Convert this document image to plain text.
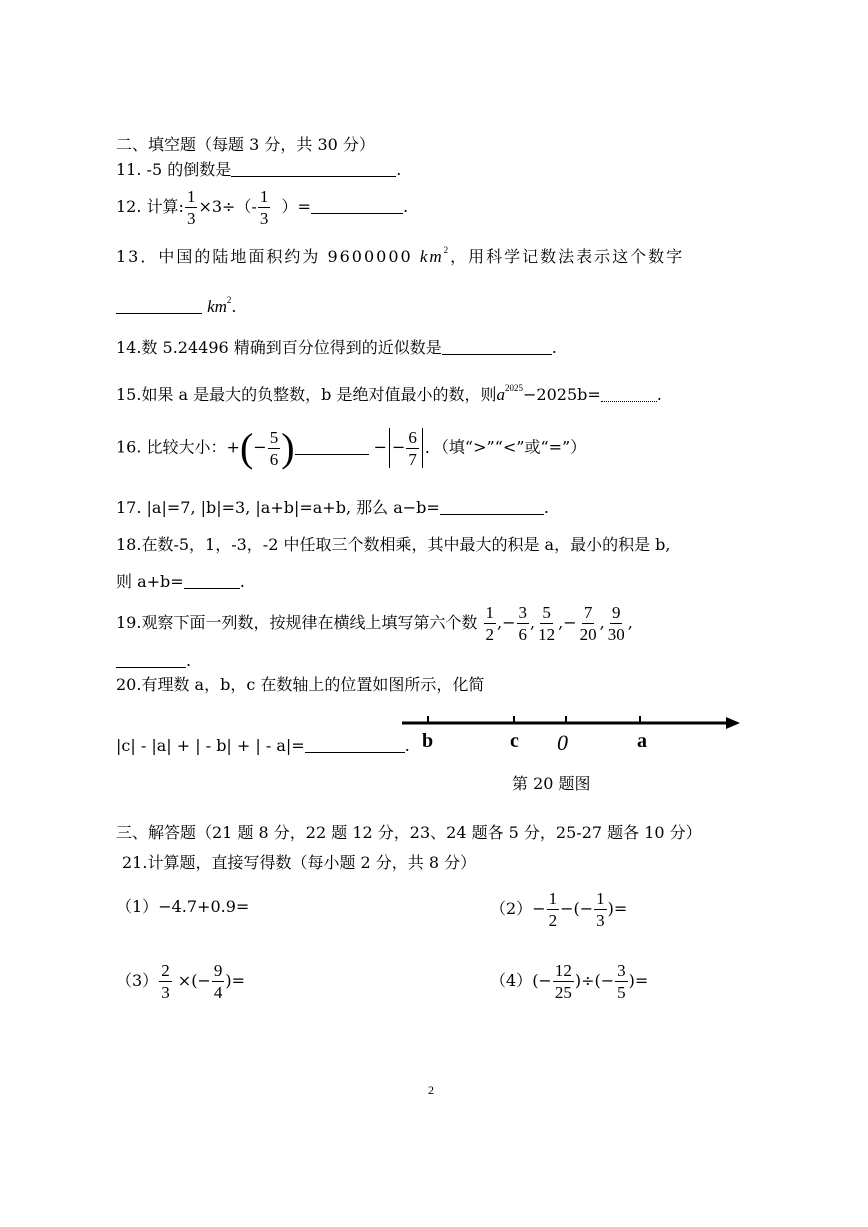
二、填空题（每题 3 分，共 30 分）
11. -5 的倒数是	.
12. 计算: $\frac{1}{3} \times 3\div(- \frac{1}{3}$ ）=	.
13．中国的陆地面积约为 9600000 $km^2$，用科学记数法表示这个数字
$km^2$.
14.数 5.24496 精确到百分位得到的近似数是	.
15.如果 a 是最大的负整数，b 是绝对值最小的数，则$a^{2025}-2025b=$	.
16. 比较大小：+(− $\frac{5}{6}$ )	− − $\frac{6}{7}$ ．（填“>”“<”或“=”）
17. |a|=7, |b|=3, |a+b|=a+b, 那么 a−b=	.
18.在数-5，1，-3，-2 中任取三个数相乘，其中最大的积是 a，最小的积是 b,
则 a+b=	.
19.观察下面一列数，按规律在横线上填写第六个数 $\frac{1}{2}$ ,− $\frac{3}{6}$ , $\frac{5}{12}$ ,− $\frac{7}{20}$ , $\frac{9}{30}$ ,
.
20.有理数 a，b，c 在数轴上的位置如图所示，化简
|c| - |a| + | - b| + | - a|=	. b	c 0	a
第 20 题图
三、解答题（21 题 8 分，22 题 12 分，23、24 题各 5 分，25-27 题各 10 分）
21.计算题，直接写得数（每小题 2 分，共 8 分）
（1）−4.7+0.9=	$(2)- \frac{1}{2}$ −(− $\frac{1}{3}$ )=
$(3) \frac{2}{3}$ ×(− $\frac{9}{4}$ )=	$(4)(- \frac{12}{25}$ )÷(− $\frac{3}{5}$ )=
2
